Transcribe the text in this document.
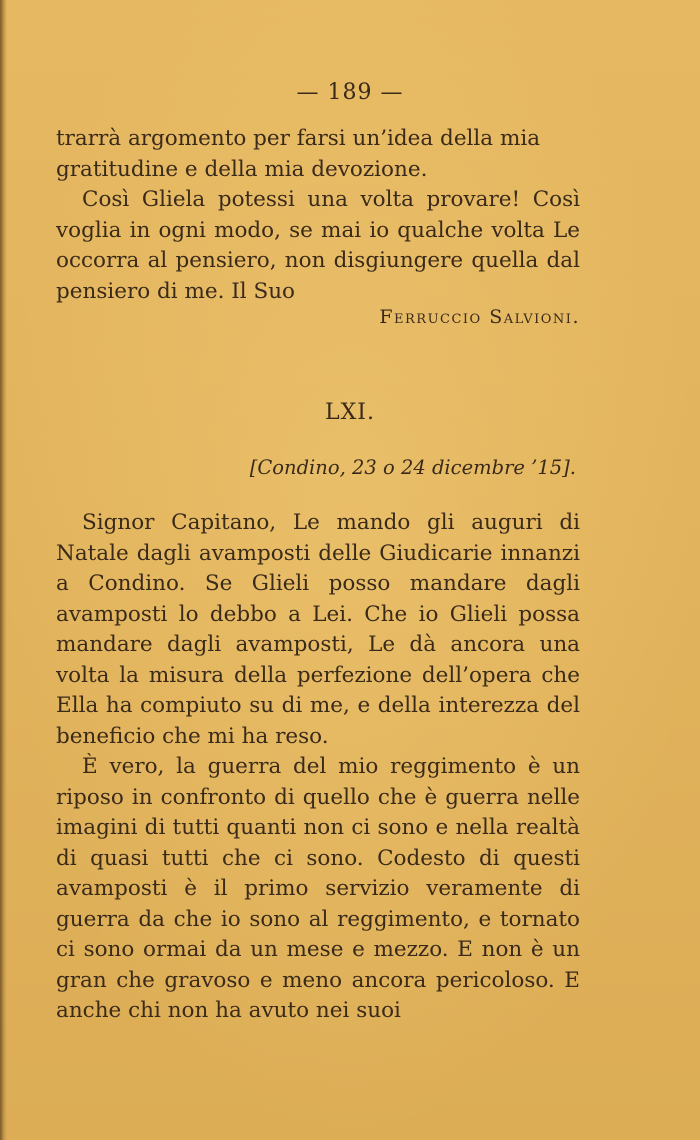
— 189 —

trarrà argomento per farsi un’idea della mia
gratitudine e della mia devozione.

Così Gliela potessi una volta provare! Così voglia in ogni modo, se mai io qualche volta Le occorra al pensiero, non disgiungere quella dal pensiero di me. Il Suo

Ferruccio Salvioni.
LXI.
[Condino, 23 o 24 dicembre ’15].

Signor Capitano, Le mando gli auguri di Natale dagli avamposti delle Giudicarie innanzi a Condino. Se Glieli posso mandare dagli avamposti lo debbo a Lei. Che io Glieli possa mandare dagli avamposti, Le dà ancora una volta la misura della perfezione dell’opera che Ella ha compiuto su di me, e della interezza del beneficio che mi ha reso.

È vero, la guerra del mio reggimento è un riposo in confronto di quello che è guerra nelle imagini di tutti quanti non ci sono e nella realtà di quasi tutti che ci sono. Codesto di questi avamposti è il primo servizio veramente di guerra da che io sono al reggimento, e tornato ci sono ormai da un mese e mezzo. E non è un gran che gravoso e meno ancora pericoloso. E anche chi non ha avuto nei suoi
